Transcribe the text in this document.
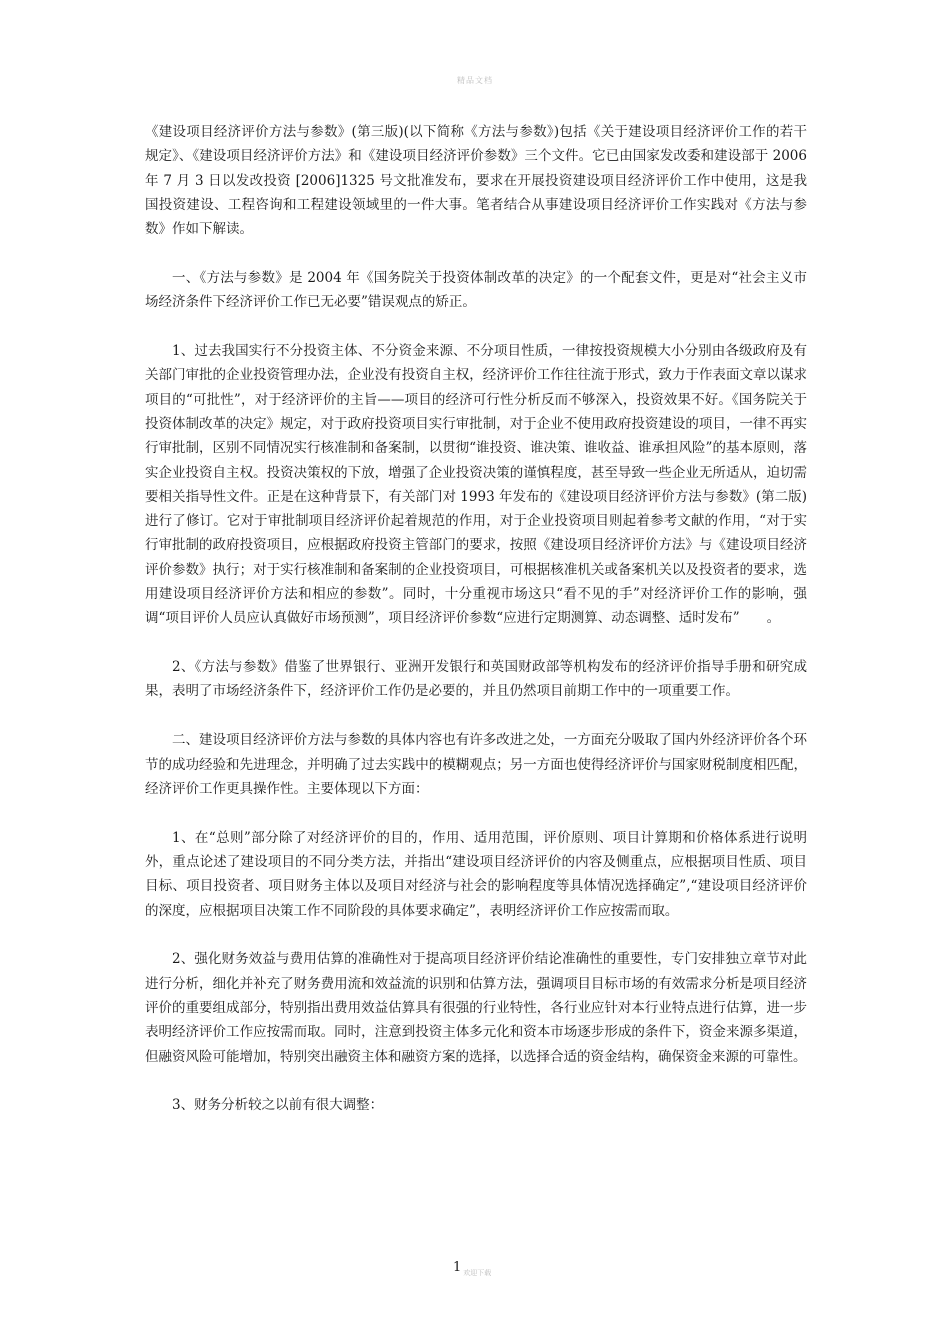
精品文档

《建设项目经济评价方法与参数》(第三版)(以下简称《方法与参数》)包括《关于建设项目经济评价工作的若干规定》、《建设项目经济评价方法》和《建设项目经济评价参数》三个文件。它已由国家发改委和建设部于 2006 年 7 月 3 日以发改投资 [2006]1325 号文批准发布，要求在开展投资建设项目经济评价工作中使用，这是我国投资建设、工程咨询和工程建设领域里的一件大事。笔者结合从事建设项目经济评价工作实践对《方法与参数》作如下解读。

一、《方法与参数》是 2004 年《国务院关于投资体制改革的决定》的一个配套文件，更是对“社会主义市场经济条件下经济评价工作已无必要”错误观点的矫正。

1、过去我国实行不分投资主体、不分资金来源、不分项目性质，一律按投资规模大小分别由各级政府及有关部门审批的企业投资管理办法，企业没有投资自主权，经济评价工作往往流于形式，致力于作表面文章以谋求项目的“可批性”，对于经济评价的主旨——项目的经济可行性分析反而不够深入，投资效果不好。《国务院关于投资体制改革的决定》规定，对于政府投资项目实行审批制，对于企业不使用政府投资建设的项目，一律不再实行审批制，区别不同情况实行核准制和备案制，以贯彻“谁投资、谁决策、谁收益、谁承担风险”的基本原则，落实企业投资自主权。投资决策权的下放，增强了企业投资决策的谨慎程度，甚至导致一些企业无所适从，迫切需要相关指导性文件。正是在这种背景下，有关部门对 1993 年发布的《建设项目经济评价方法与参数》(第二版)进行了修订。它对于审批制项目经济评价起着规范的作用，对于企业投资项目则起着参考文献的作用，“对于实行审批制的政府投资项目，应根据政府投资主管部门的要求，按照《建设项目经济评价方法》与《建设项目经济评价参数》执行；对于实行核准制和备案制的企业投资项目，可根据核准机关或备案机关以及投资者的要求，选用建设项目经济评价方法和相应的参数”。同时，十分重视市场这只“看不见的手”对经济评价工作的影响，强调“项目评价人员应认真做好市场预测”，项目经济评价参数“应进行定期测算、动态调整、适时发布”　　。

2、《方法与参数》借鉴了世界银行、亚洲开发银行和英国财政部等机构发布的经济评价指导手册和研究成果，表明了市场经济条件下，经济评价工作仍是必要的，并且仍然项目前期工作中的一项重要工作。

二、建设项目经济评价方法与参数的具体内容也有许多改进之处，一方面充分吸取了国内外经济评价各个环节的成功经验和先进理念，并明确了过去实践中的模糊观点；另一方面也使得经济评价与国家财税制度相匹配，经济评价工作更具操作性。主要体现以下方面：

1、在“总则”部分除了对经济评价的目的，作用、适用范围，评价原则、项目计算期和价格体系进行说明外，重点论述了建设项目的不同分类方法，并指出“建设项目经济评价的内容及侧重点，应根据项目性质、项目目标、项目投资者、项目财务主体以及项目对经济与社会的影响程度等具体情况选择确定”,“建设项目经济评价的深度，应根据项目决策工作不同阶段的具体要求确定”，表明经济评价工作应按需而取。

2、强化财务效益与费用估算的准确性对于提高项目经济评价结论准确性的重要性，专门安排独立章节对此进行分析，细化并补充了财务费用流和效益流的识别和估算方法，强调项目目标市场的有效需求分析是项目经济评价的重要组成部分，特别指出费用效益估算具有很强的行业特性，各行业应针对本行业特点进行估算，进一步表明经济评价工作应按需而取。同时，注意到投资主体多元化和资本市场逐步形成的条件下，资金来源多渠道，但融资风险可能增加，特别突出融资主体和融资方案的选择，以选择合适的资金结构，确保资金来源的可靠性。

3、财务分析较之以前有很大调整：

1 $_{欢迎下载}$
